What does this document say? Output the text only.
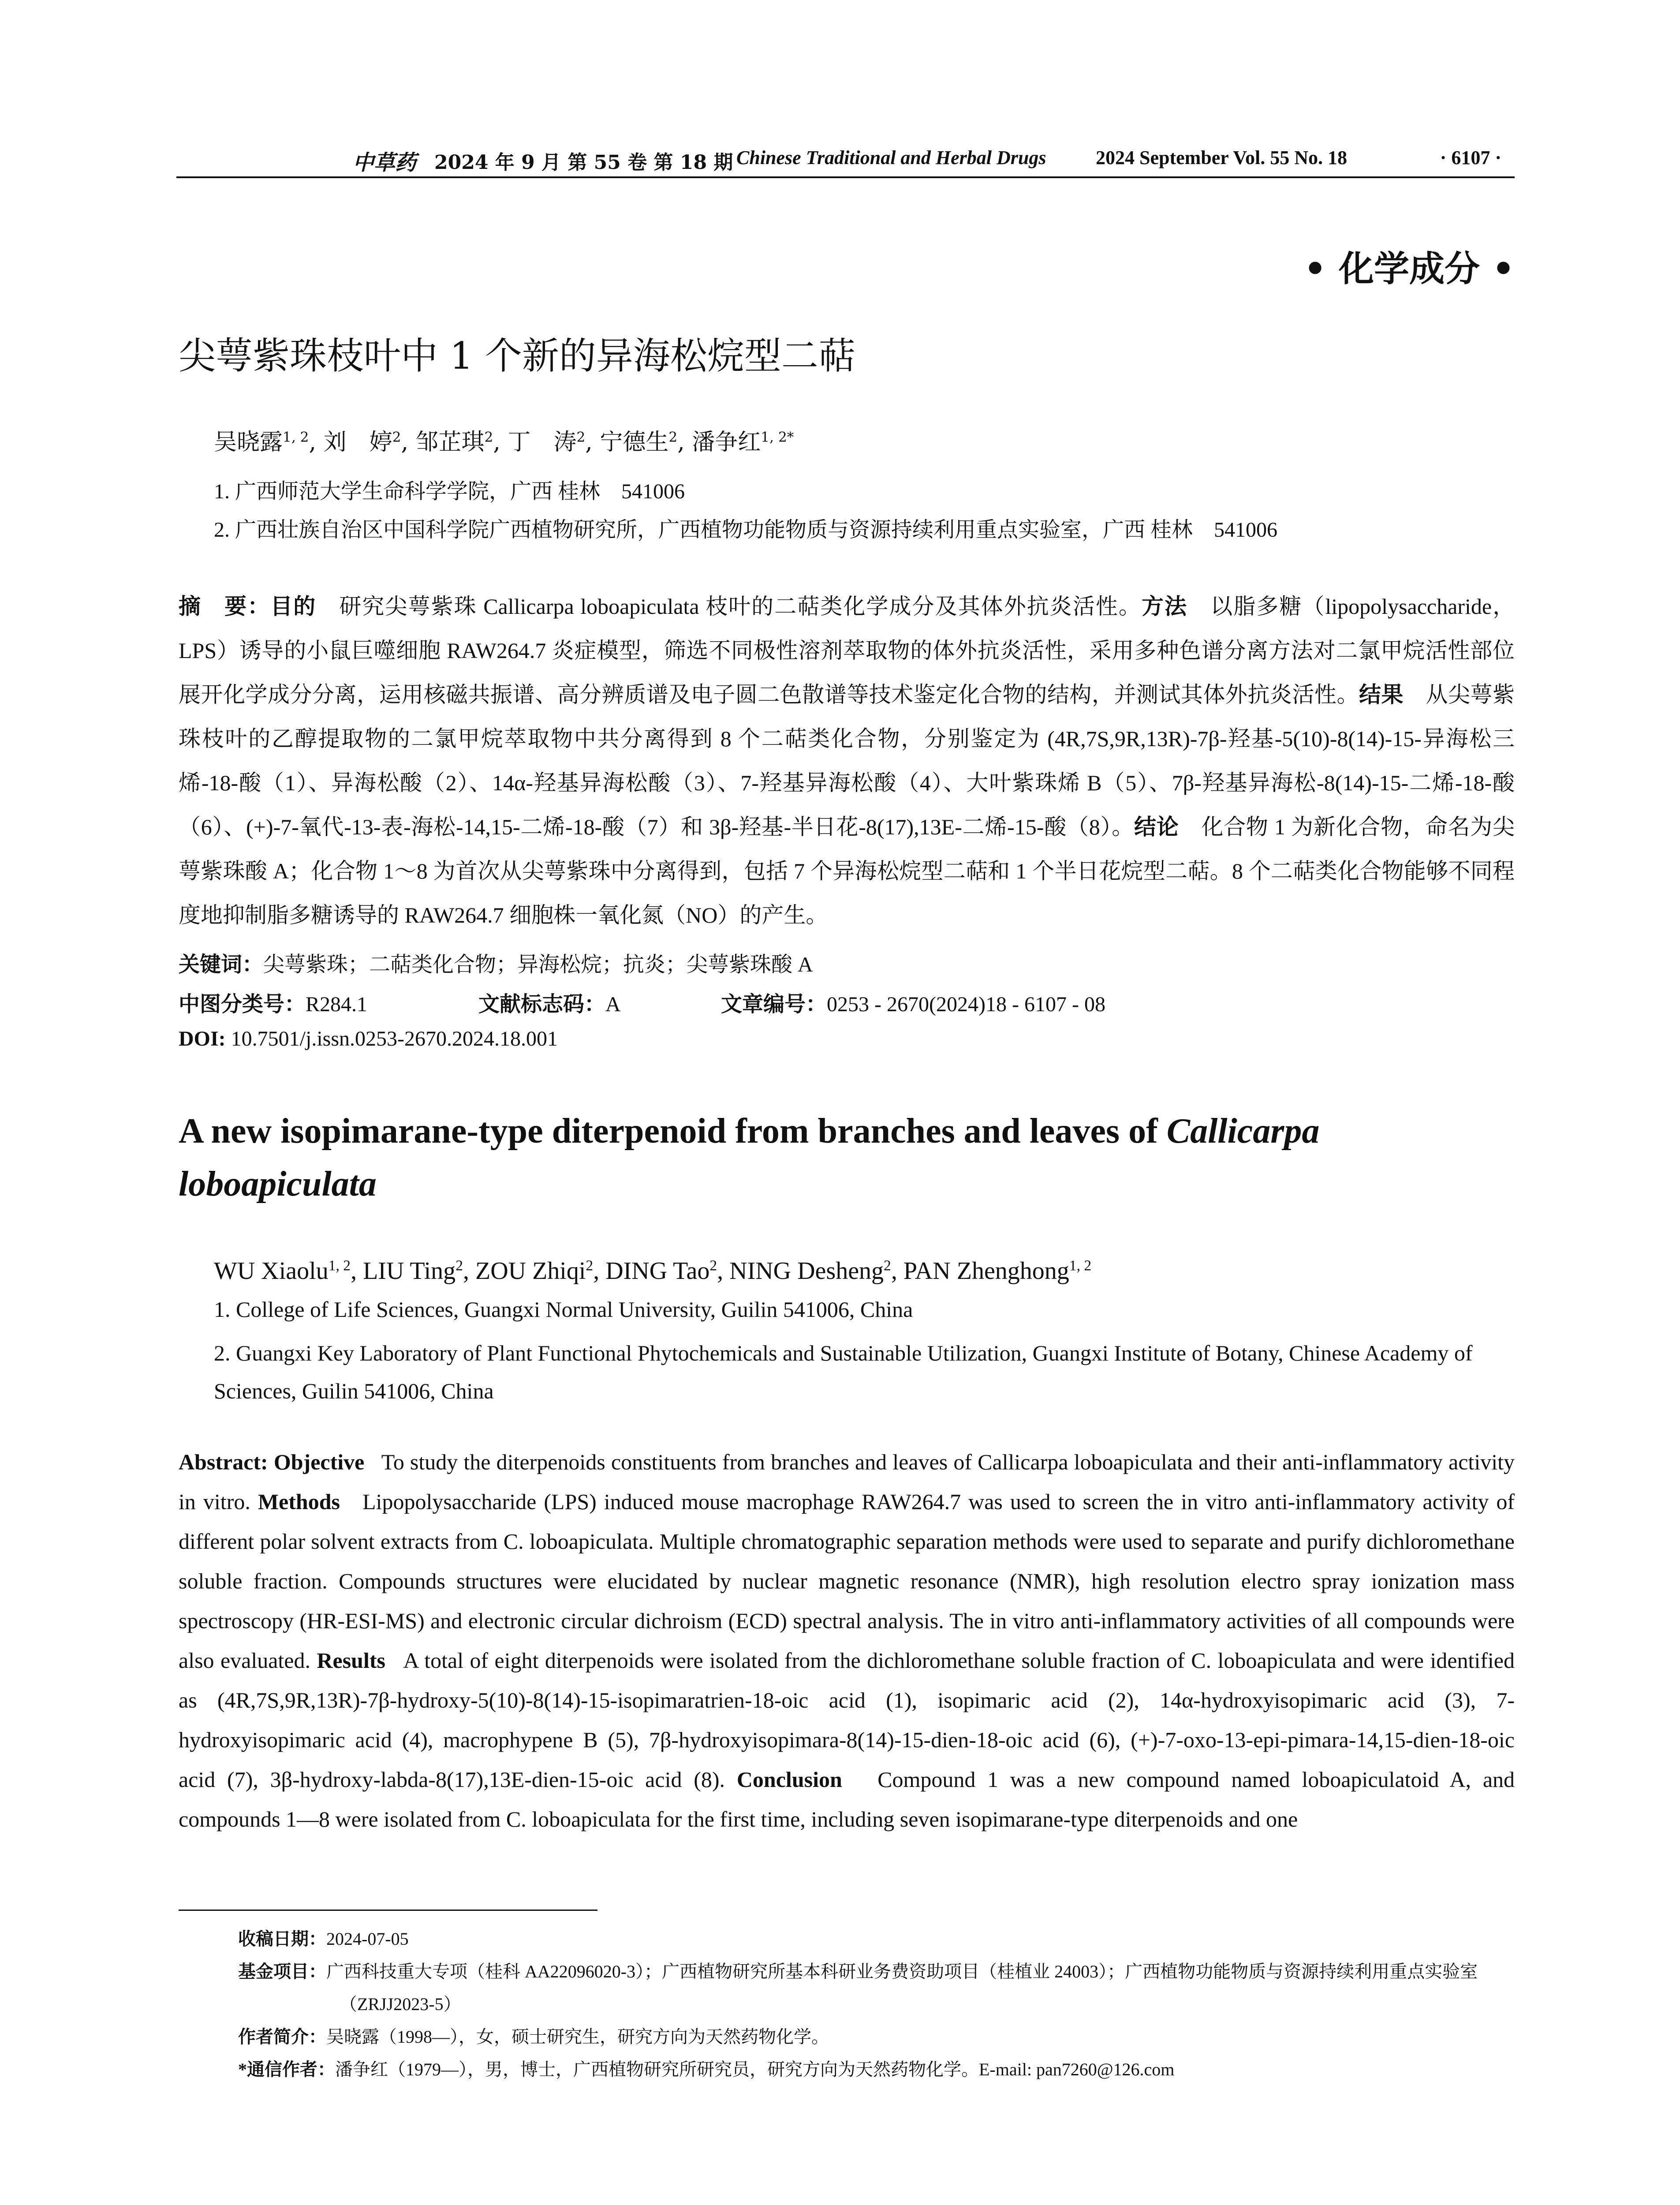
中草药 2024 年 9 月 第 55 卷 第 18 期 Chinese Traditional and Herbal Drugs	2024 September Vol. 55 No. 18	· 6107 ·
• 化学成分 •
尖萼紫珠枝叶中 1 个新的异海松烷型二萜
吴晓露$^{1, 2}$, 刘　婷$^2$, 邹芷琪$^2$, 丁　涛$^2$, 宁德生$^2$, 潘争红$^{1, 2*}$
1. 广西师范大学生命科学学院，广西 桂林　541006
2. 广西壮族自治区中国科学院广西植物研究所，广西植物功能物质与资源持续利用重点实验室，广西 桂林　541006
摘　要：目的　 研究尖萼紫珠 Callicarpa loboapiculata 枝叶的二萜类化学成分及其体外抗炎活性。方法　 以脂多糖（lipopolysaccharide，LPS）诱导的小鼠巨噬细胞 RAW264.7 炎症模型，筛选不同极性溶剂萃取物的体外抗炎活性，采用多种色谱分离方法对二氯甲烷活性部位展开化学成分分离，运用核磁共振谱、高分辨质谱及电子圆二色散谱等技术鉴定化合物的结构，并测试其体外抗炎活性。结果　 从尖萼紫珠枝叶的乙醇提取物的二氯甲烷萃取物中共分离得到 8 个二萜类化合物，分别鉴定为 (4R,7S,9R,13R)-7β-羟基-5(10)-8(14)-15-异海松三烯-18-酸（1）、异海松酸（2）、14α-羟基异海松酸（3）、7-羟基异海松酸（4）、大叶紫珠烯 B（5）、7β-羟基异海松-8(14)-15-二烯-18-酸（6）、(+)-7-氧代-13-表-海松-14,15-二烯-18-酸（7）和 3β-羟基-半日花-8(17),13E-二烯-15-酸（8）。结论　 化合物 1 为新化合物，命名为尖萼紫珠酸 A；化合物 1～8 为首次从尖萼紫珠中分离得到，包括 7 个异海松烷型二萜和 1 个半日花烷型二萜。8 个二萜类化合物能够不同程度地抑制脂多糖诱导的 RAW264.7 细胞株一氧化氮（NO）的产生。
关键词：尖萼紫珠；二萜类化合物；异海松烷；抗炎；尖萼紫珠酸 A
中图分类号：R284.1	文献标志码：A	文章编号：0253 - 2670(2024)18 - 6107 - 08
DOI: 10.7501/j.issn.0253-2670.2024.18.001
A new isopimarane-type diterpenoid from branches and leaves of Callicarpa loboapiculata
WU Xiaolu$^{1, 2}$, LIU Ting$^2$, ZOU Zhiqi$^2$, DING Tao$^2$, NING Desheng$^2$, PAN Zhenghong$^{1, 2}$
1. College of Life Sciences, Guangxi Normal University, Guilin 541006, China
2. Guangxi Key Laboratory of Plant Functional Phytochemicals and Sustainable Utilization, Guangxi Institute of Botany, Chinese Academy of Sciences, Guilin 541006, China
Abstract: Objective To study the diterpenoids constituents from branches and leaves of Callicarpa loboapiculata and their anti-inflammatory activity in vitro. Methods Lipopolysaccharide (LPS) induced mouse macrophage RAW264.7 was used to screen the in vitro anti-inflammatory activity of different polar solvent extracts from C. loboapiculata. Multiple chromatographic separation methods were used to separate and purify dichloromethane soluble fraction. Compounds structures were elucidated by nuclear magnetic resonance (NMR), high resolution electro spray ionization mass spectroscopy (HR-ESI-MS) and electronic circular dichroism (ECD) spectral analysis. The in vitro anti-inflammatory activities of all compounds were also evaluated. Results A total of eight diterpenoids were isolated from the dichloromethane soluble fraction of C. loboapiculata and were identified as (4R,7S,9R,13R)-7β-hydroxy-5(10)-8(14)-15-isopimaratrien-18-oic acid (1), isopimaric acid (2), 14α-hydroxyisopimaric acid (3), 7-hydroxyisopimaric acid (4), macrophypene B (5), 7β-hydroxyisopimara-8(14)-15-dien-18-oic acid (6), (+)-7-oxo-13-epi-pimara-14,15-dien-18-oic acid (7), 3β-hydroxy-labda-8(17),13E-dien-15-oic acid (8). Conclusion Compound 1 was a new compound named loboapiculatoid A, and compounds 1—8 were isolated from C. loboapiculata for the first time, including seven isopimarane-type diterpenoids and one
收稿日期：2024-07-05
基金项目：广西科技重大专项（桂科 AA22096020-3）；广西植物研究所基本科研业务费资助项目（桂植业 24003）；广西植物功能物质与资源持续利用重点实验室（ZRJJ2023-5）
作者简介：吴晓露（1998—），女，硕士研究生，研究方向为天然药物化学。
*通信作者：潘争红（1979—），男，博士，广西植物研究所研究员，研究方向为天然药物化学。E-mail: pan7260@126.com
